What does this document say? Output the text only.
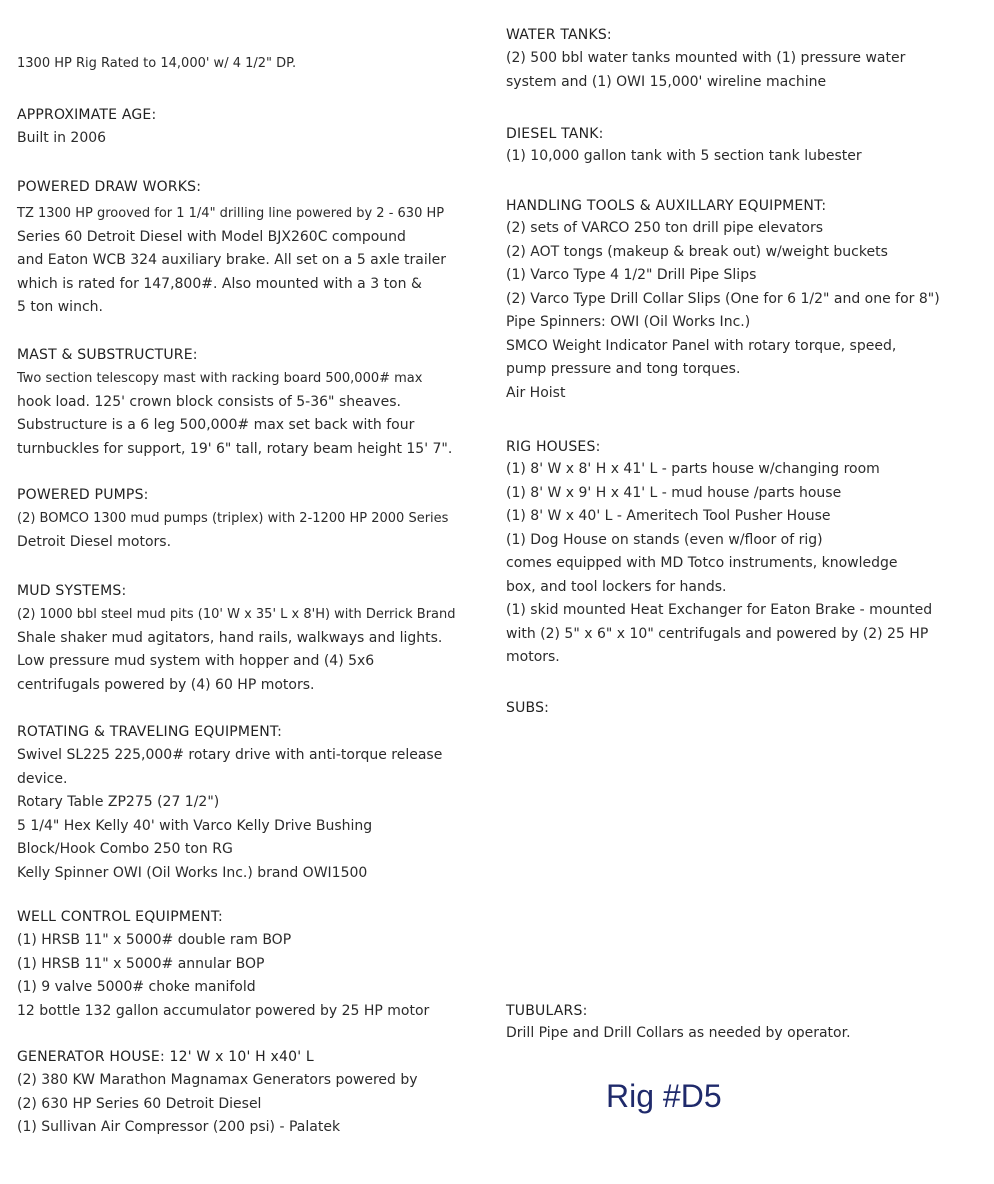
1300 HP Rig Rated to 14,000' w/ 4 1/2" DP.
APPROXIMATE AGE:
Built in 2006
POWERED DRAW WORKS:
TZ 1300 HP grooved for 1 1/4" drilling line powered by 2 - 630 HP
Series 60 Detroit Diesel with Model BJX260C compound
and Eaton WCB 324 auxiliary brake. All set on a 5 axle trailer
which is rated for 147,800#. Also mounted with a 3 ton &
5 ton winch.
MAST & SUBSTRUCTURE:
Two section telescopy mast with racking board 500,000# max
hook load. 125' crown block consists of 5-36" sheaves.
Substructure is a 6 leg 500,000# max set back with four
turnbuckles for support, 19' 6" tall, rotary beam height 15' 7".
POWERED PUMPS:
(2) BOMCO 1300 mud pumps (triplex) with 2-1200 HP 2000 Series
Detroit Diesel motors.
MUD SYSTEMS:
(2) 1000 bbl steel mud pits (10' W x 35' L x 8'H) with Derrick Brand
Shale shaker mud agitators, hand rails, walkways and lights.
Low pressure mud system with hopper and (4) 5x6
centrifugals powered by (4) 60 HP motors.
ROTATING & TRAVELING EQUIPMENT:
Swivel SL225 225,000# rotary drive with anti-torque release
device.
Rotary Table ZP275 (27 1/2")
5 1/4" Hex Kelly 40' with Varco Kelly Drive Bushing
Block/Hook Combo 250 ton RG
Kelly Spinner OWI (Oil Works Inc.) brand OWI1500
WELL CONTROL EQUIPMENT:
(1) HRSB 11" x 5000# double ram BOP
(1) HRSB 11" x 5000# annular BOP
(1) 9 valve 5000# choke manifold
12 bottle 132 gallon accumulator powered by 25 HP motor
GENERATOR HOUSE: 12' W x 10' H x40' L
(2) 380 KW Marathon Magnamax Generators powered by
(2) 630 HP Series 60 Detroit Diesel
(1) Sullivan Air Compressor (200 psi) - Palatek
WATER TANKS:
(2) 500 bbl water tanks mounted with (1) pressure water
system and (1) OWI 15,000' wireline machine
DIESEL TANK:
(1) 10,000 gallon tank with 5 section tank lubester
HANDLING TOOLS & AUXILLARY EQUIPMENT:
(2) sets of VARCO 250 ton drill pipe elevators
(2) AOT tongs (makeup & break out) w/weight buckets
(1) Varco Type 4 1/2" Drill Pipe Slips
(2) Varco Type Drill Collar Slips (One for 6 1/2" and one for 8")
Pipe Spinners: OWI (Oil Works Inc.)
SMCO Weight Indicator Panel with rotary torque, speed,
pump pressure and tong torques.
Air Hoist
RIG HOUSES:
(1) 8' W x 8' H x 41' L - parts house w/changing room
(1) 8' W x 9' H x 41' L - mud house /parts house
(1) 8' W x 40' L - Ameritech Tool Pusher House
(1) Dog House on stands (even w/floor of rig)
comes equipped with MD Totco instruments, knowledge
box, and tool lockers for hands.
(1) skid mounted Heat Exchanger for Eaton Brake - mounted
with (2) 5" x 6" x 10" centrifugals and powered by (2) 25 HP
motors.
SUBS:
TUBULARS:
Drill Pipe and Drill Collars as needed by operator.
Rig #D5
